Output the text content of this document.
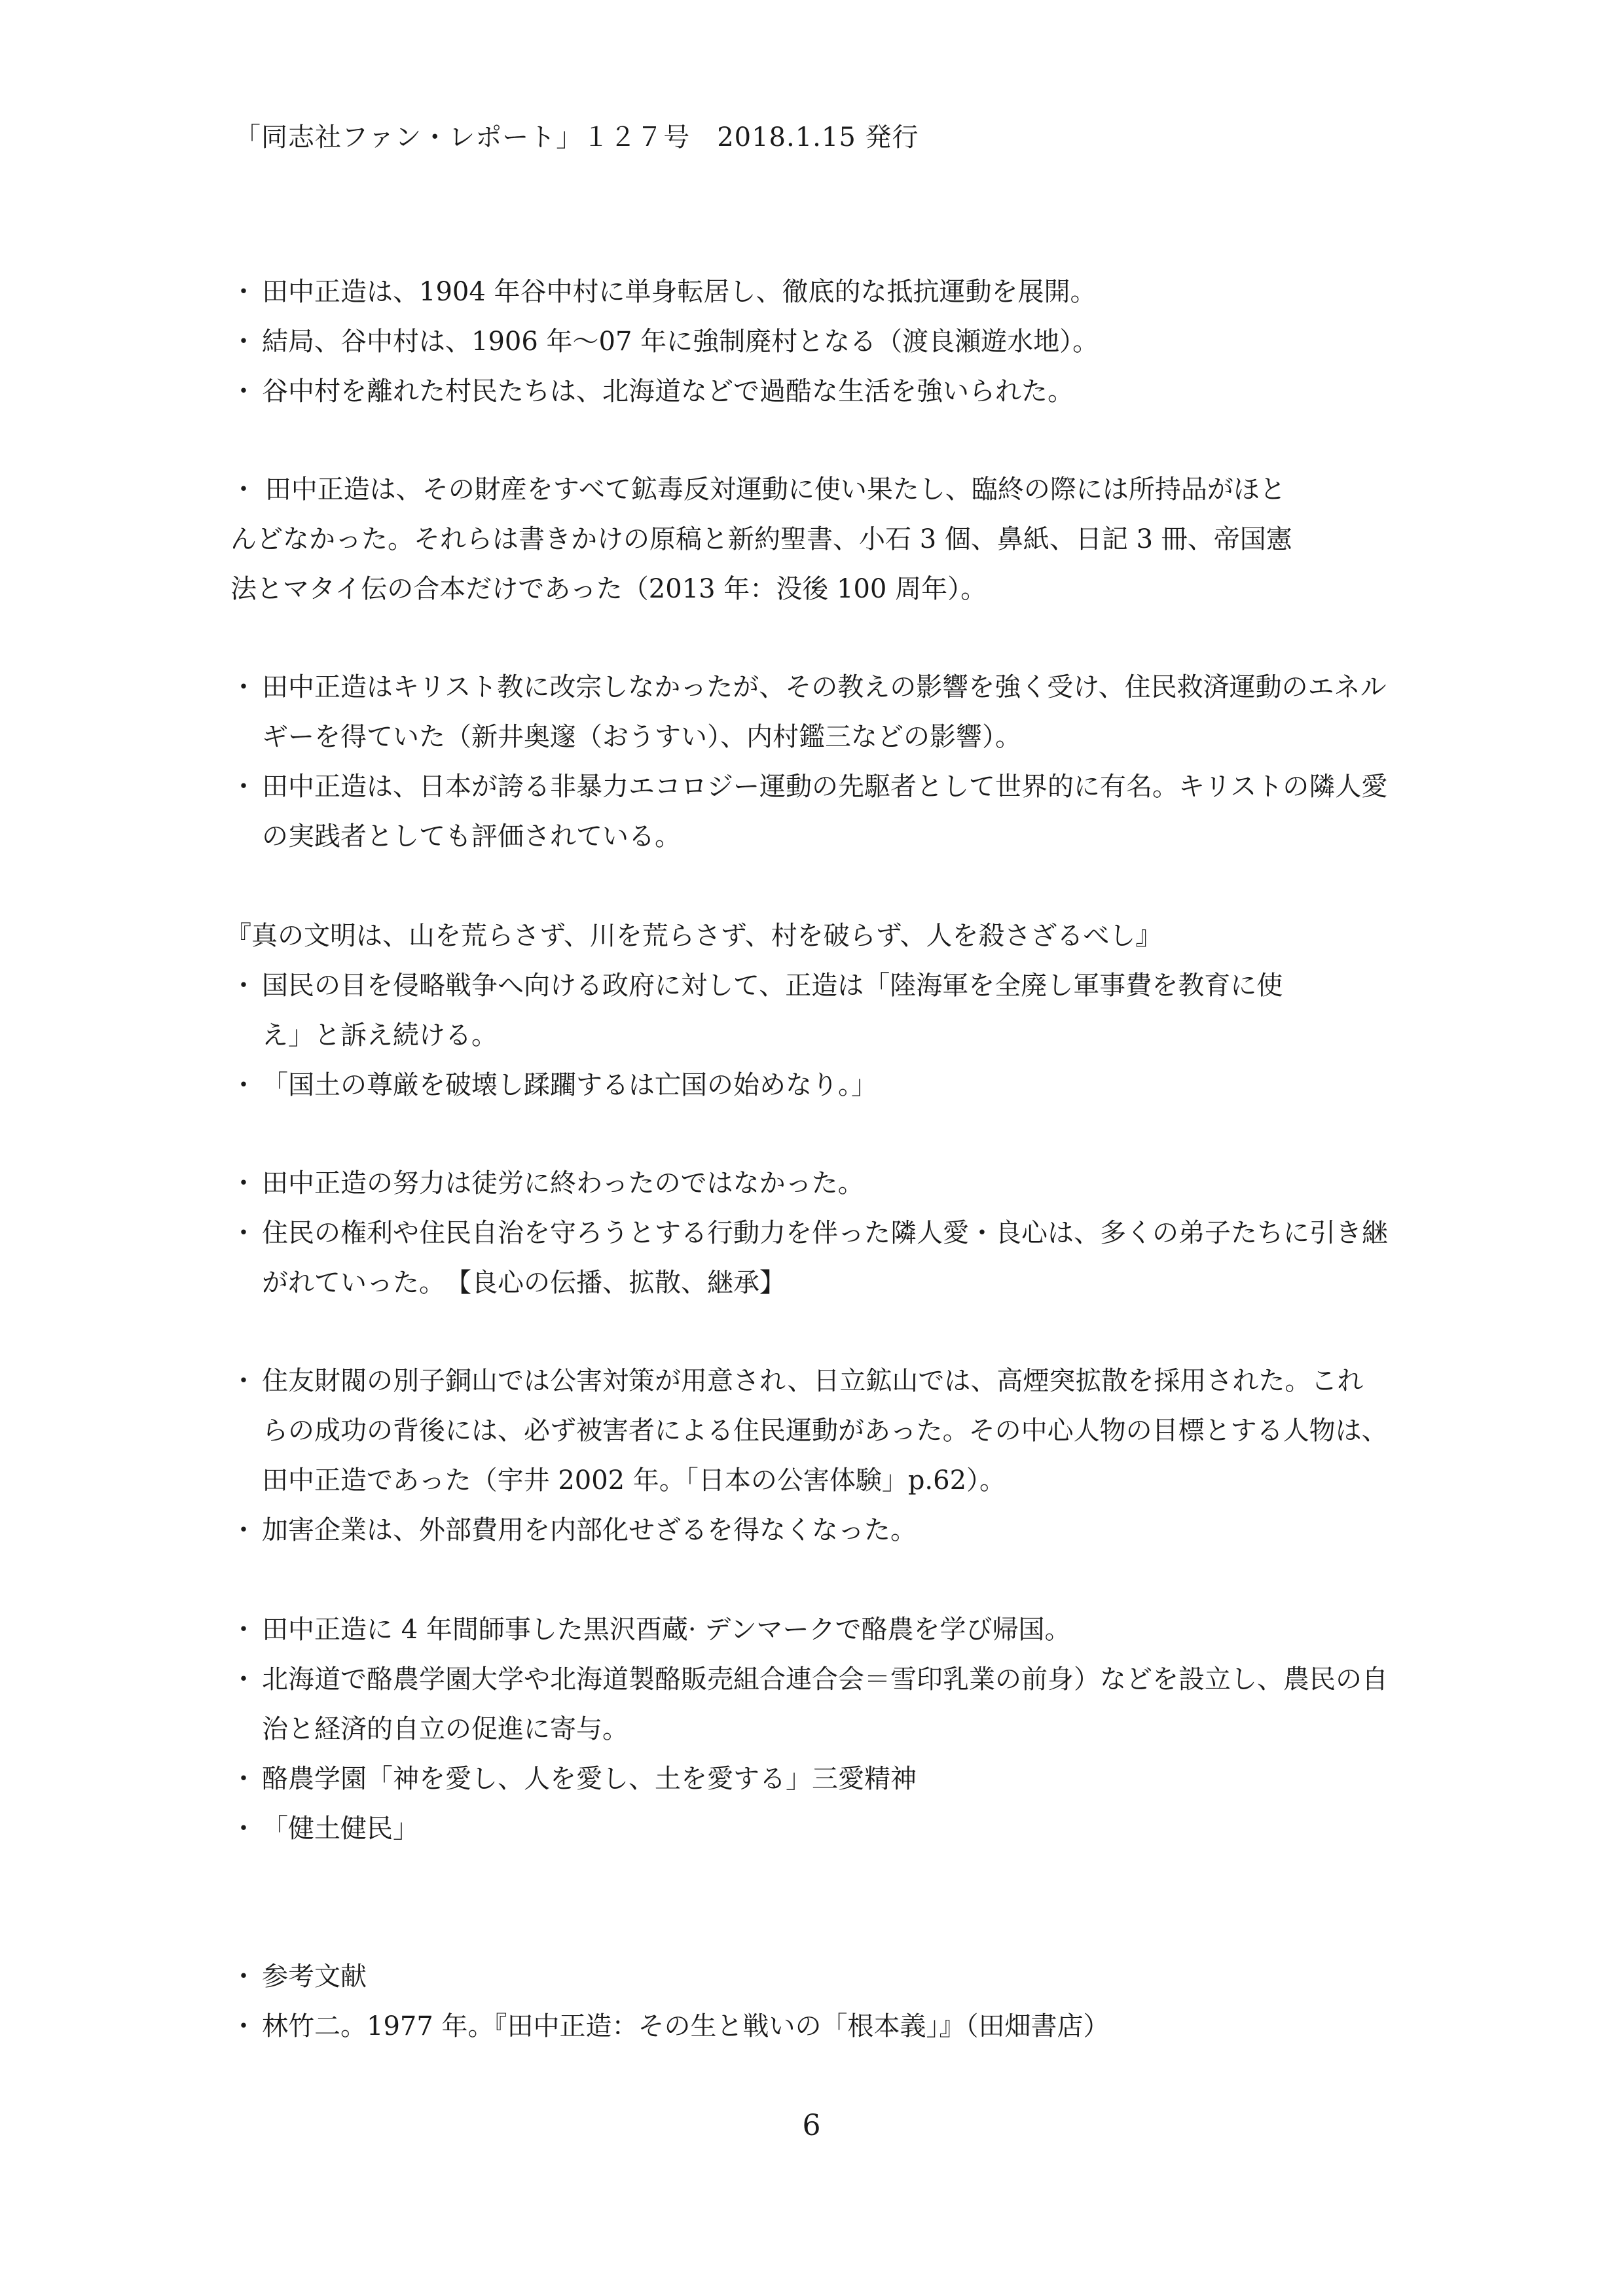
「同志社ファン・レポート」１２７号　2018.1.15 発行
・ 田中正造は、1904 年谷中村に単身転居し、徹底的な抵抗運動を展開。
・ 結局、谷中村は、1906 年〜07 年に強制廃村となる（渡良瀬遊水地）。
・ 谷中村を離れた村民たちは、北海道などで過酷な生活を強いられた。
・ 田中正造は、その財産をすべて鉱毒反対運動に使い果たし、臨終の際には所持品がほと
んどなかった。それらは書きかけの原稿と新約聖書、小石 3 個、鼻紙、日記 3 冊、帝国憲
法とマタイ伝の合本だけであった（2013 年：没後 100 周年）。
・ 田中正造はキリスト教に改宗しなかったが、その教えの影響を強く受け、住民救済運動のエネルギーを得ていた（新井奥邃（おうすい）、内村鑑三などの影響）。
・ 田中正造は、日本が誇る非暴力エコロジー運動の先駆者として世界的に有名。キリストの隣人愛の実践者としても評価されている。
『真の文明は、山を荒らさず、川を荒らさず、村を破らず、人を殺さざるべし』
・ 国民の目を侵略戦争へ向ける政府に対して、正造は「陸海軍を全廃し軍事費を教育に使え」と訴え続ける。
・ 「国土の尊厳を破壊し蹂躙するは亡国の始めなり。」
・ 田中正造の努力は徒労に終わったのではなかった。
・ 住民の権利や住民自治を守ろうとする行動力を伴った隣人愛・良心は、多くの弟子たちに引き継がれていった。　【良心の伝播、拡散、継承】
・ 住友財閥の別子銅山では公害対策が用意され、日立鉱山では、高煙突拡散を採用された。これらの成功の背後には、必ず被害者による住民運動があった。その中心人物の目標とする人物は、田中正造であった（宇井 2002 年。「日本の公害体験」p.62）。
・ 加害企業は、外部費用を内部化せざるを得なくなった。
・ 田中正造に 4 年間師事した黒沢酉蔵· デンマークで酪農を学び帰国。
・ 北海道で酪農学園大学や北海道製酪販売組合連合会＝雪印乳業の前身）などを設立し、農民の自治と経済的自立の促進に寄与。
・ 酪農学園「神を愛し、人を愛し、土を愛する」三愛精神
・ 「健土健民」
・ 参考文献
・ 林竹二。1977 年。『田中正造：その生と戦いの「根本義」』（田畑書店）
6
